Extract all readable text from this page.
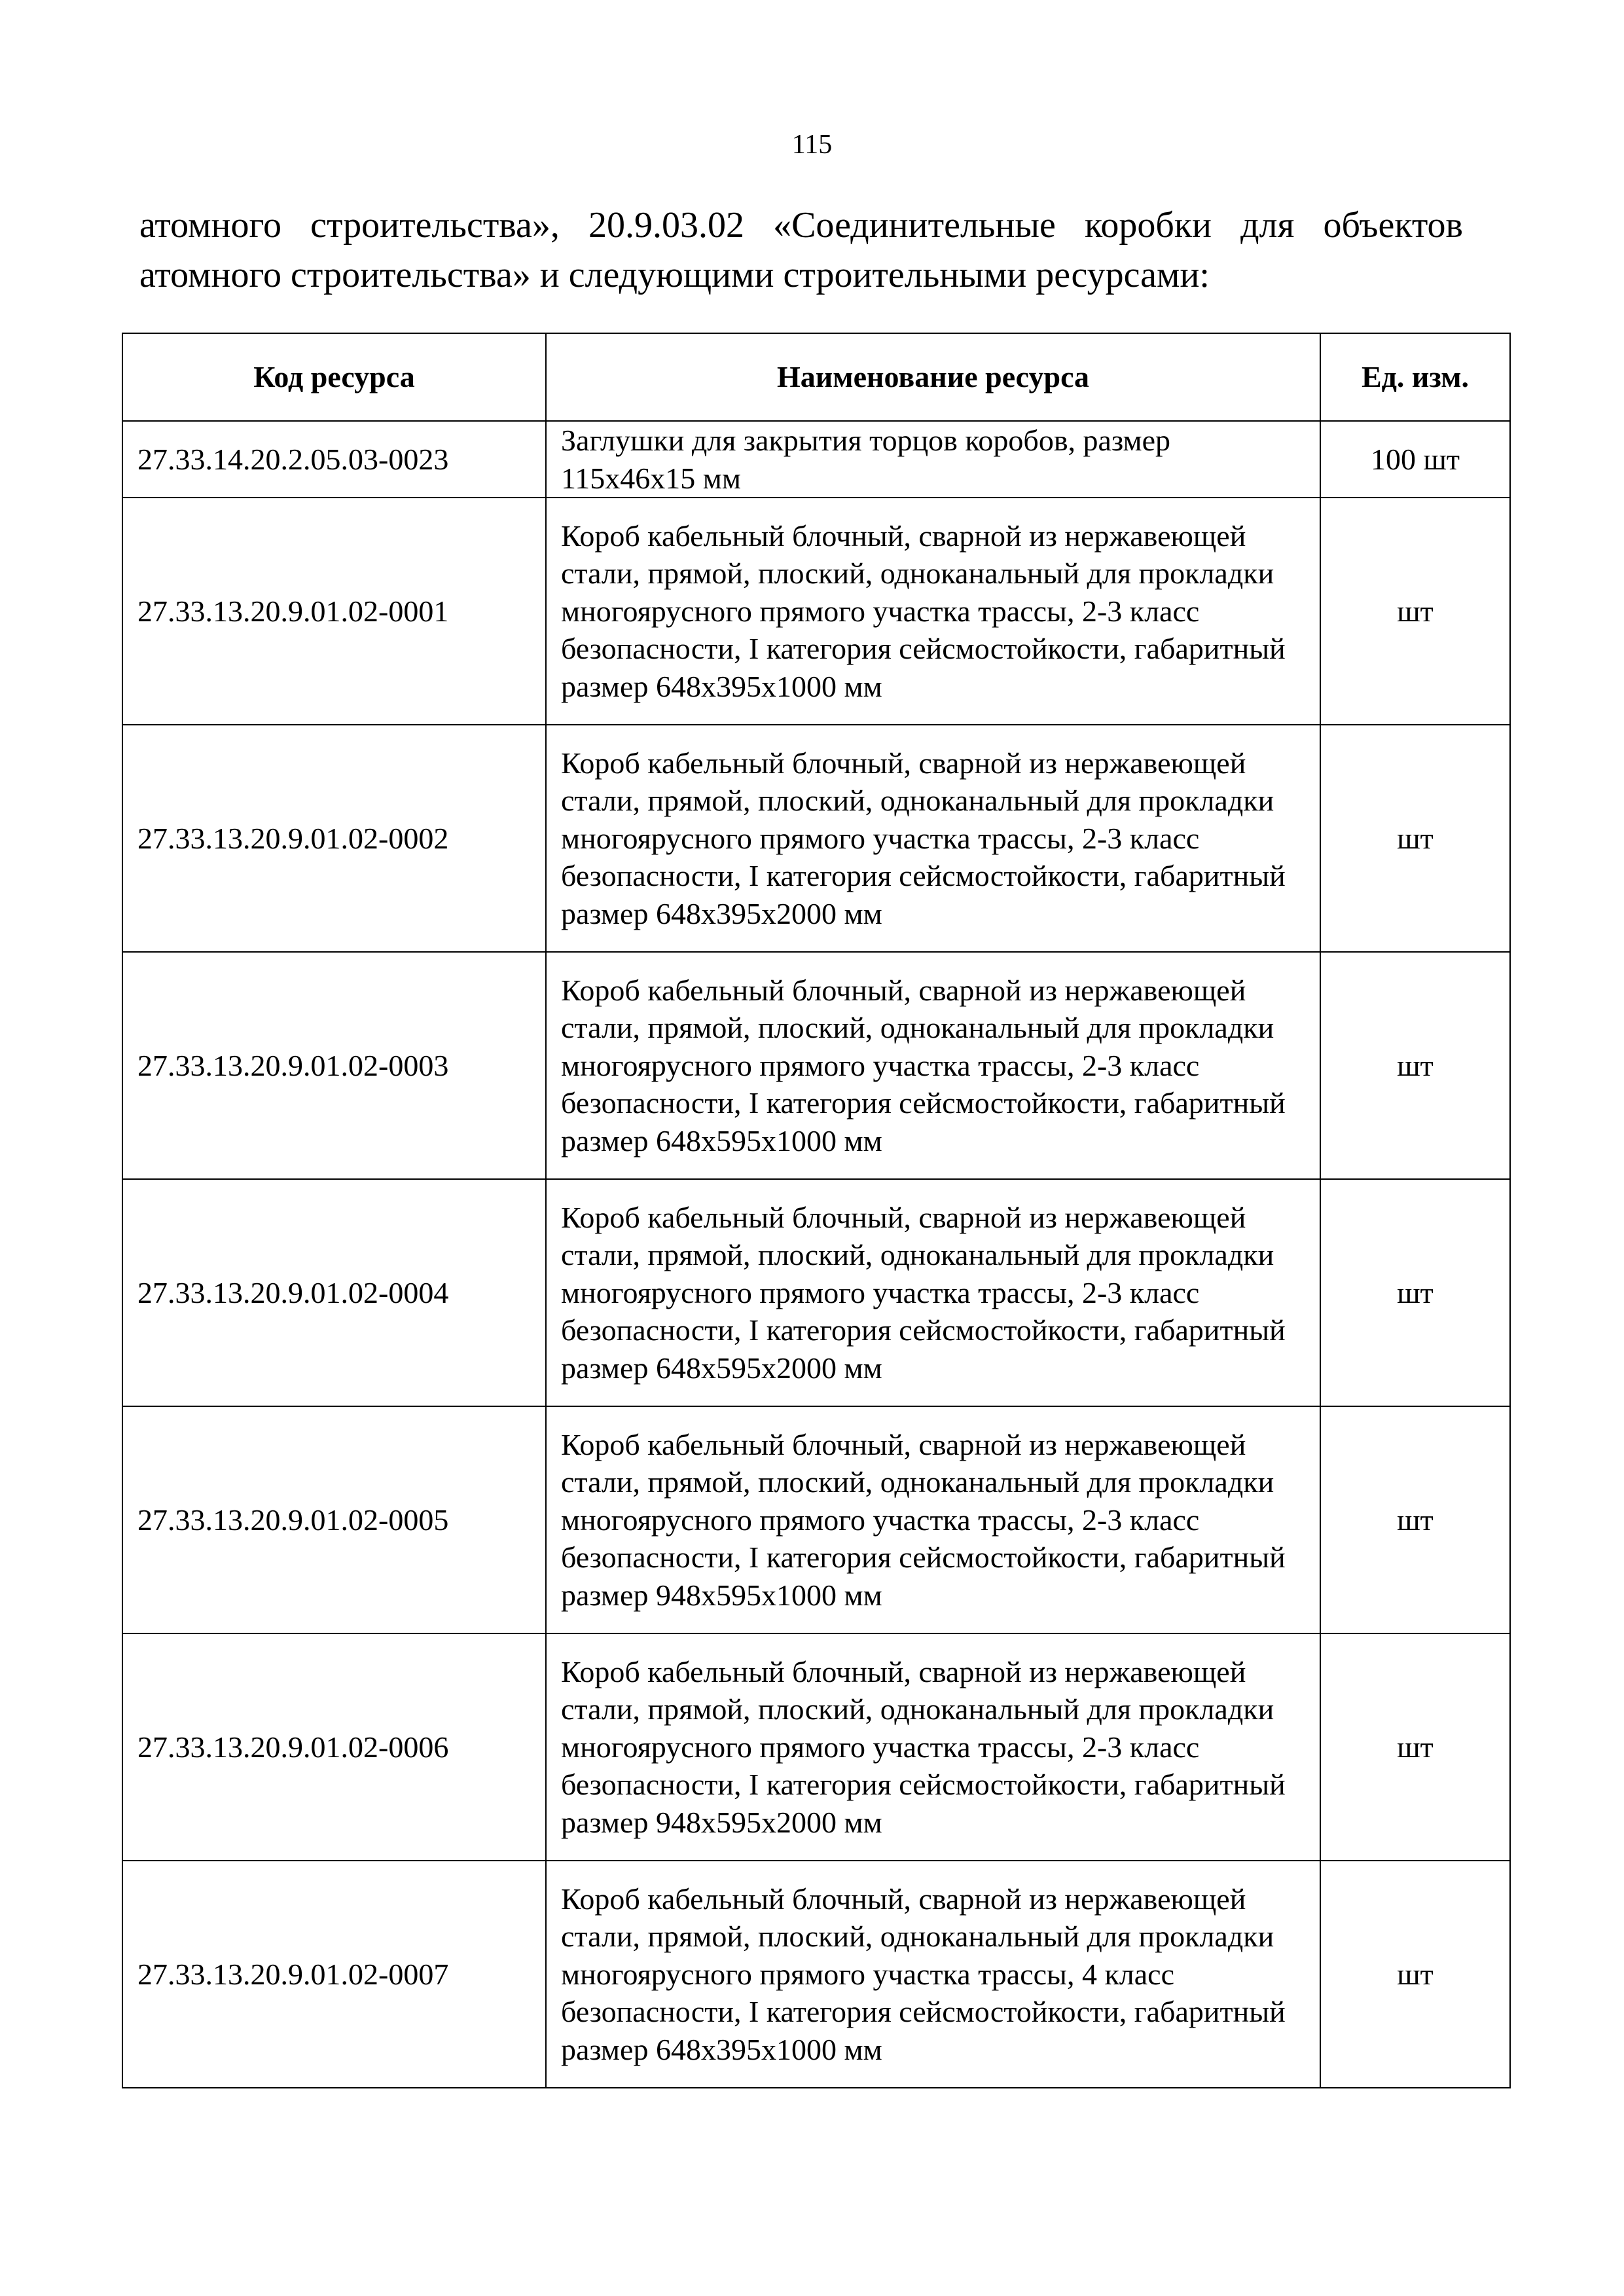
115

атомного строительства», 20.9.03.02 «Соединительные коробки для объектов
атомного строительства» и следующими строительными ресурсами:

Код ресурса	Наименование ресурса	Ед. изм.
27.33.14.20.2.05.03-0023	Заглушки для закрытия торцов коробов, размер 115х46х15 мм	100 шт
27.33.13.20.9.01.02-0001	Короб кабельный блочный, сварной из нержавеющей стали, прямой, плоский, одноканальный для прокладки многоярусного прямого участка трассы, 2-3 класс безопасности, I категория сейсмостойкости, габаритный размер 648х395х1000 мм	шт
27.33.13.20.9.01.02-0002	Короб кабельный блочный, сварной из нержавеющей стали, прямой, плоский, одноканальный для прокладки многоярусного прямого участка трассы, 2-3 класс безопасности, I категория сейсмостойкости, габаритный размер 648х395х2000 мм	шт
27.33.13.20.9.01.02-0003	Короб кабельный блочный, сварной из нержавеющей стали, прямой, плоский, одноканальный для прокладки многоярусного прямого участка трассы, 2-3 класс безопасности, I категория сейсмостойкости, габаритный размер 648х595х1000 мм	шт
27.33.13.20.9.01.02-0004	Короб кабельный блочный, сварной из нержавеющей стали, прямой, плоский, одноканальный для прокладки многоярусного прямого участка трассы, 2-3 класс безопасности, I категория сейсмостойкости, габаритный размер 648х595х2000 мм	шт
27.33.13.20.9.01.02-0005	Короб кабельный блочный, сварной из нержавеющей стали, прямой, плоский, одноканальный для прокладки многоярусного прямого участка трассы, 2-3 класс безопасности, I категория сейсмостойкости, габаритный размер 948х595х1000 мм	шт
27.33.13.20.9.01.02-0006	Короб кабельный блочный, сварной из нержавеющей стали, прямой, плоский, одноканальный для прокладки многоярусного прямого участка трассы, 2-3 класс безопасности, I категория сейсмостойкости, габаритный размер 948х595х2000 мм	шт
27.33.13.20.9.01.02-0007	Короб кабельный блочный, сварной из нержавеющей стали, прямой, плоский, одноканальный для прокладки многоярусного прямого участка трассы, 4 класс безопасности, I категория сейсмостойкости, габаритный размер 648х395х1000 мм	шт
